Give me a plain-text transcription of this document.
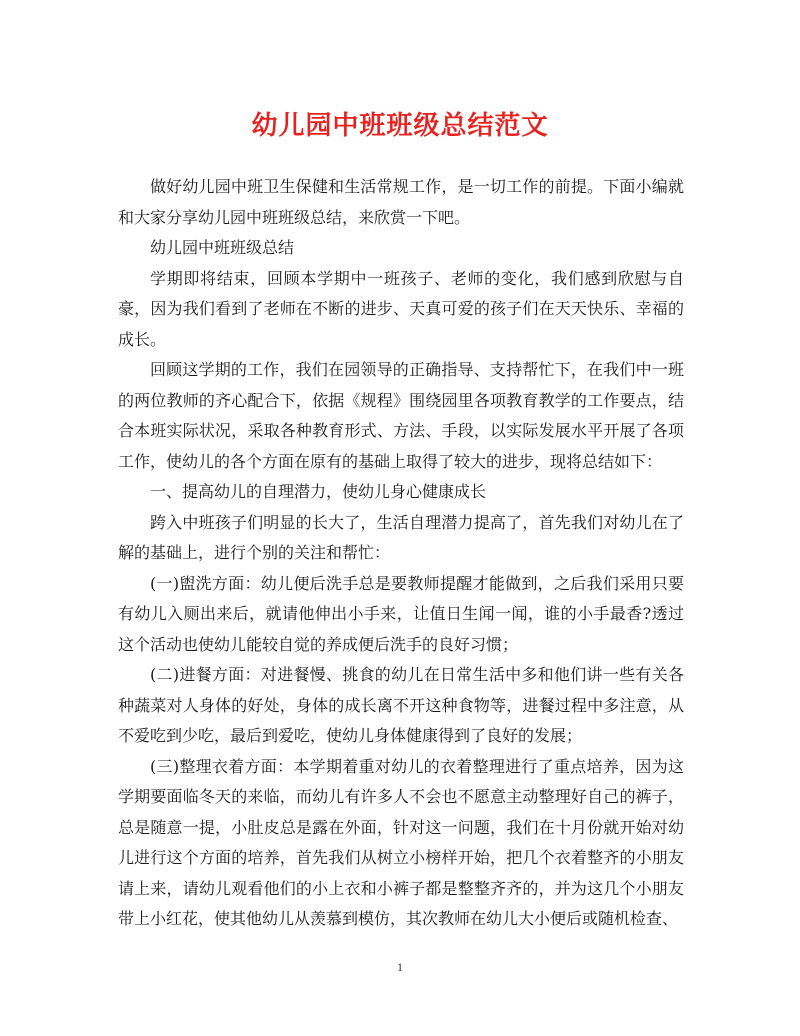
幼儿园中班班级总结范文

做好幼儿园中班卫生保健和生活常规工作，是一切工作的前提。下面小编就和大家分享幼儿园中班班级总结，来欣赏一下吧。

幼儿园中班班级总结

学期即将结束，回顾本学期中一班孩子、老师的变化，我们感到欣慰与自豪，因为我们看到了老师在不断的进步、天真可爱的孩子们在天天快乐、幸福的成长。

回顾这学期的工作，我们在园领导的正确指导、支持帮忙下，在我们中一班的两位教师的齐心配合下，依据《规程》围绕园里各项教育教学的工作要点，结合本班实际状况，采取各种教育形式、方法、手段，以实际发展水平开展了各项工作，使幼儿的各个方面在原有的基础上取得了较大的进步，现将总结如下：

一、提高幼儿的自理潜力，使幼儿身心健康成长

跨入中班孩子们明显的长大了，生活自理潜力提高了，首先我们对幼儿在了解的基础上，进行个别的关注和帮忙：

(一)盥洗方面：幼儿便后洗手总是要教师提醒才能做到，之后我们采用只要有幼儿入厕出来后，就请他伸出小手来，让值日生闻一闻，谁的小手最香?透过这个活动也使幼儿能较自觉的养成便后洗手的良好习惯；

(二)进餐方面：对进餐慢、挑食的幼儿在日常生活中多和他们讲一些有关各种蔬菜对人身体的好处，身体的成长离不开这种食物等，进餐过程中多注意，从不爱吃到少吃，最后到爱吃，使幼儿身体健康得到了良好的发展；

(三)整理衣着方面：本学期着重对幼儿的衣着整理进行了重点培养，因为这学期要面临冬天的来临，而幼儿有许多人不会也不愿意主动整理好自己的裤子，总是随意一提，小肚皮总是露在外面，针对这一问题，我们在十月份就开始对幼儿进行这个方面的培养，首先我们从树立小榜样开始，把几个衣着整齐的小朋友请上来，请幼儿观看他们的小上衣和小裤子都是整整齐齐的，并为这几个小朋友带上小红花，使其他幼儿从羡慕到模仿，其次教师在幼儿大小便后或随机检查、

1
